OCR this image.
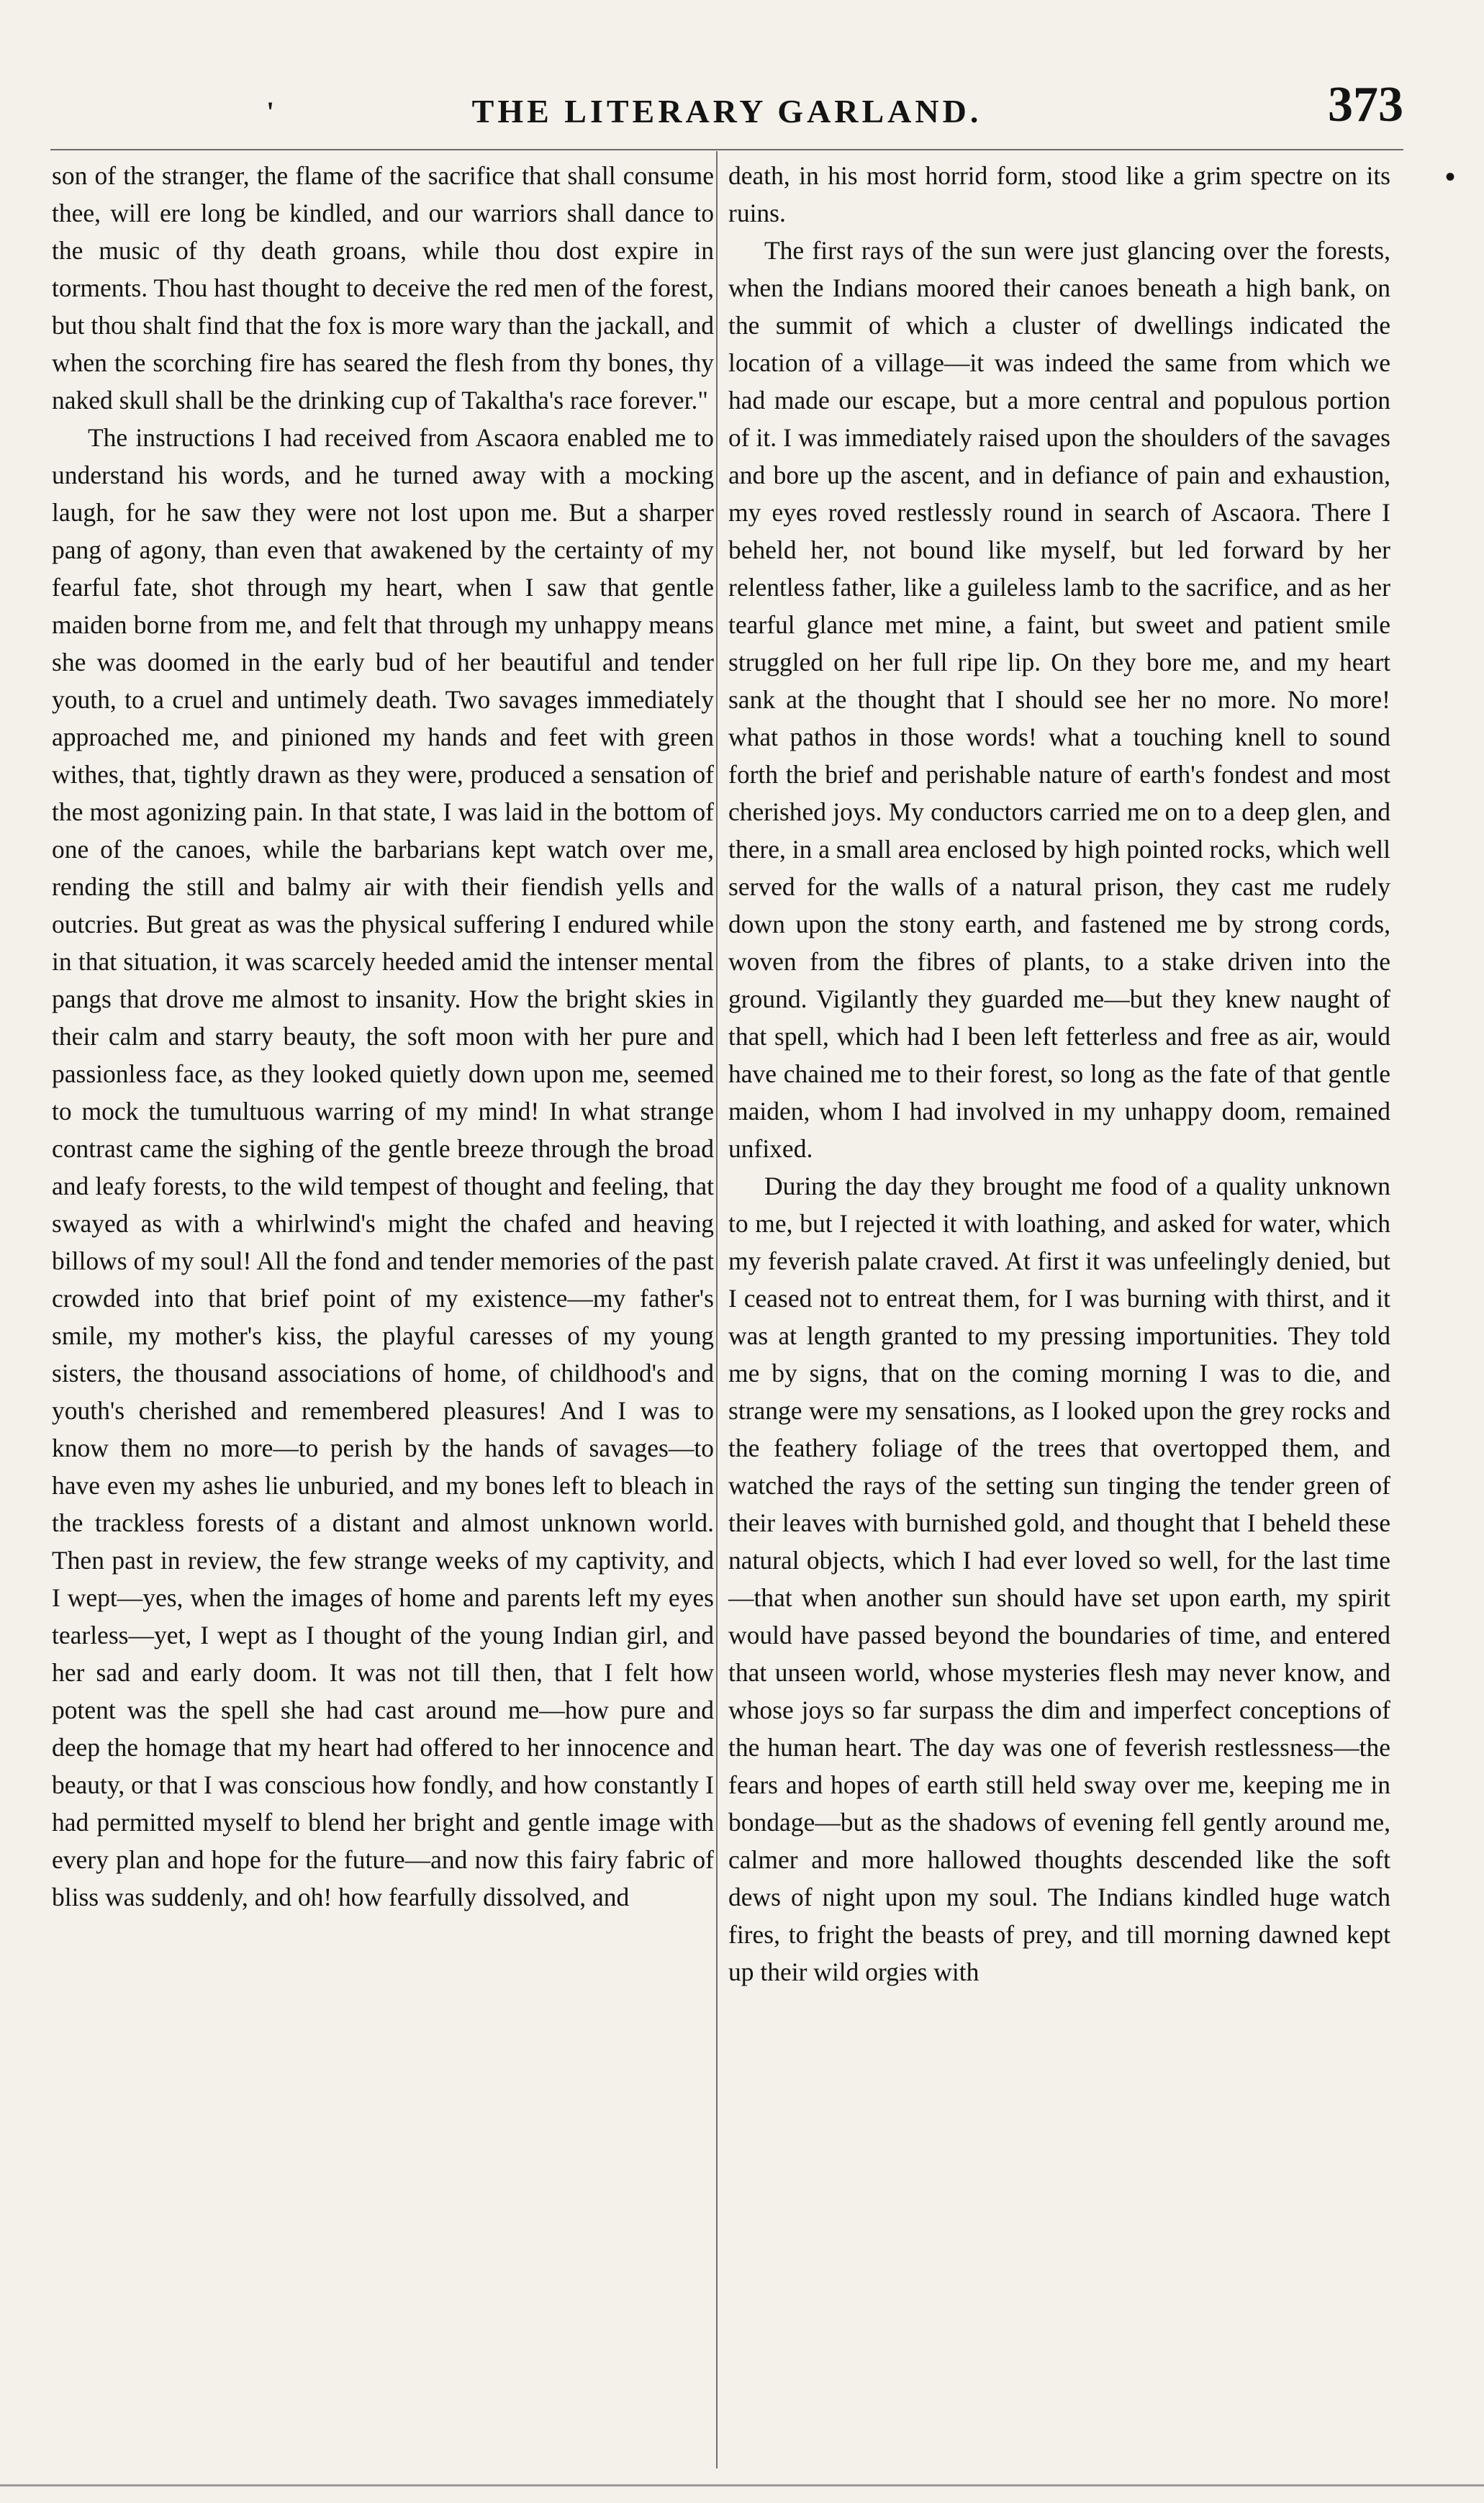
'	THE LITERARY GARLAND.	373
•

son of the stranger, the flame of the sacrifice that shall consume thee, will ere long be kindled, and our warriors shall dance to the music of thy death groans, while thou dost expire in torments. Thou hast thought to deceive the red men of the forest, but thou shalt find that the fox is more wary than the jackall, and when the scorching fire has seared the flesh from thy bones, thy naked skull shall be the drinking cup of Takaltha's race forever."

The instructions I had received from Ascaora enabled me to understand his words, and he turned away with a mocking laugh, for he saw they were not lost upon me. But a sharper pang of agony, than even that awakened by the certainty of my fearful fate, shot through my heart, when I saw that gentle maiden borne from me, and felt that through my unhappy means she was doomed in the early bud of her beautiful and tender youth, to a cruel and untimely death. Two savages immediately approached me, and pinioned my hands and feet with green withes, that, tightly drawn as they were, produced a sensation of the most agonizing pain. In that state, I was laid in the bottom of one of the canoes, while the barbarians kept watch over me, rending the still and balmy air with their fiendish yells and outcries. But great as was the physical suffering I endured while in that situation, it was scarcely heeded amid the intenser mental pangs that drove me almost to insanity. How the bright skies in their calm and starry beauty, the soft moon with her pure and passionless face, as they looked quietly down upon me, seemed to mock the tumultuous warring of my mind! In what strange contrast came the sighing of the gentle breeze through the broad and leafy forests, to the wild tempest of thought and feeling, that swayed as with a whirlwind's might the chafed and heaving billows of my soul! All the fond and tender memories of the past crowded into that brief point of my existence—my father's smile, my mother's kiss, the playful caresses of my young sisters, the thousand associations of home, of childhood's and youth's cherished and remembered pleasures! And I was to know them no more—to perish by the hands of savages—to have even my ashes lie unburied, and my bones left to bleach in the trackless forests of a distant and almost unknown world. Then past in review, the few strange weeks of my captivity, and I wept—yes, when the images of home and parents left my eyes tearless—yet, I wept as I thought of the young Indian girl, and her sad and early doom. It was not till then, that I felt how potent was the spell she had cast around me—how pure and deep the homage that my heart had offered to her innocence and beauty, or that I was conscious how fondly, and how constantly I had permitted myself to blend her bright and gentle image with every plan and hope for the future—and now this fairy fabric of bliss was suddenly, and oh! how fearfully dissolved, and

death, in his most horrid form, stood like a grim spectre on its ruins.

The first rays of the sun were just glancing over the forests, when the Indians moored their canoes beneath a high bank, on the summit of which a cluster of dwellings indicated the location of a village—it was indeed the same from which we had made our escape, but a more central and populous portion of it. I was immediately raised upon the shoulders of the savages and bore up the ascent, and in defiance of pain and exhaustion, my eyes roved restlessly round in search of Ascaora. There I beheld her, not bound like myself, but led forward by her relentless father, like a guileless lamb to the sacrifice, and as her tearful glance met mine, a faint, but sweet and patient smile struggled on her full ripe lip. On they bore me, and my heart sank at the thought that I should see her no more. No more! what pathos in those words! what a touching knell to sound forth the brief and perishable nature of earth's fondest and most cherished joys. My conductors carried me on to a deep glen, and there, in a small area enclosed by high pointed rocks, which well served for the walls of a natural prison, they cast me rudely down upon the stony earth, and fastened me by strong cords, woven from the fibres of plants, to a stake driven into the ground. Vigilantly they guarded me—but they knew naught of that spell, which had I been left fetterless and free as air, would have chained me to their forest, so long as the fate of that gentle maiden, whom I had involved in my unhappy doom, remained unfixed.

During the day they brought me food of a quality unknown to me, but I rejected it with loathing, and asked for water, which my feverish palate craved. At first it was unfeelingly denied, but I ceased not to entreat them, for I was burning with thirst, and it was at length granted to my pressing importunities. They told me by signs, that on the coming morning I was to die, and strange were my sensations, as I looked upon the grey rocks and the feathery foliage of the trees that overtopped them, and watched the rays of the setting sun tinging the tender green of their leaves with burnished gold, and thought that I beheld these natural objects, which I had ever loved so well, for the last time—that when another sun should have set upon earth, my spirit would have passed beyond the boundaries of time, and entered that unseen world, whose mysteries flesh may never know, and whose joys so far surpass the dim and imperfect conceptions of the human heart. The day was one of feverish restlessness—the fears and hopes of earth still held sway over me, keeping me in bondage—but as the shadows of evening fell gently around me, calmer and more hallowed thoughts descended like the soft dews of night upon my soul. The Indians kindled huge watch fires, to fright the beasts of prey, and till morning dawned kept up their wild orgies with
